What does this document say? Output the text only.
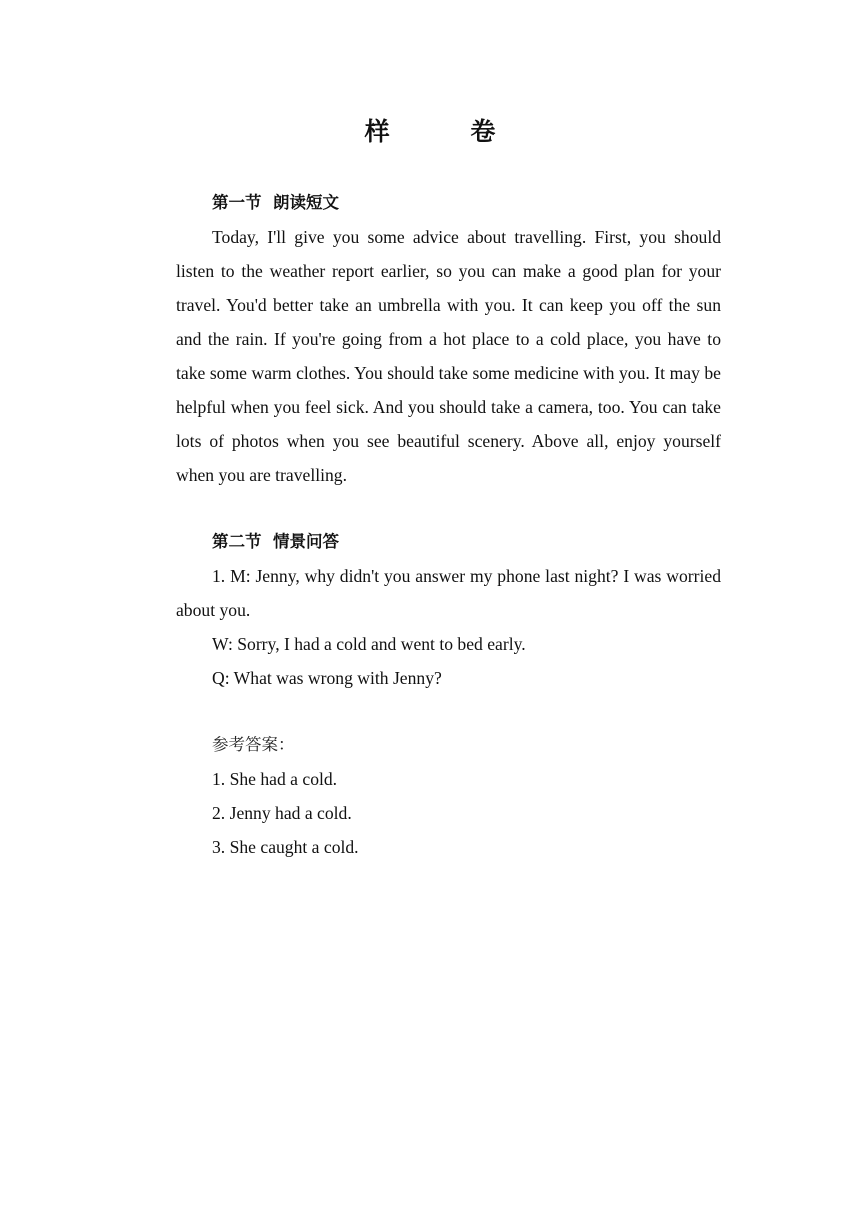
样 卷
第一节  朗读短文

Today, I'll give you some advice about travelling. First, you should listen to the weather report earlier, so you can make a good plan for your travel. You'd better take an umbrella with you. It can keep you off the sun and the rain. If you're going from a hot place to a cold place, you have to take some warm clothes. You should take some medicine with you. It may be helpful when you feel sick. And you should take a camera, too. You can take lots of photos when you see beautiful scenery. Above all, enjoy yourself when you are travelling.

第二节  情景问答

1. M: Jenny, why didn't you answer my phone last night? I was worried about you.

W: Sorry, I had a cold and went to bed early.
Q: What was wrong with Jenny?
参考答案：
1. She had a cold.
2. Jenny had a cold.
3. She caught a cold.
